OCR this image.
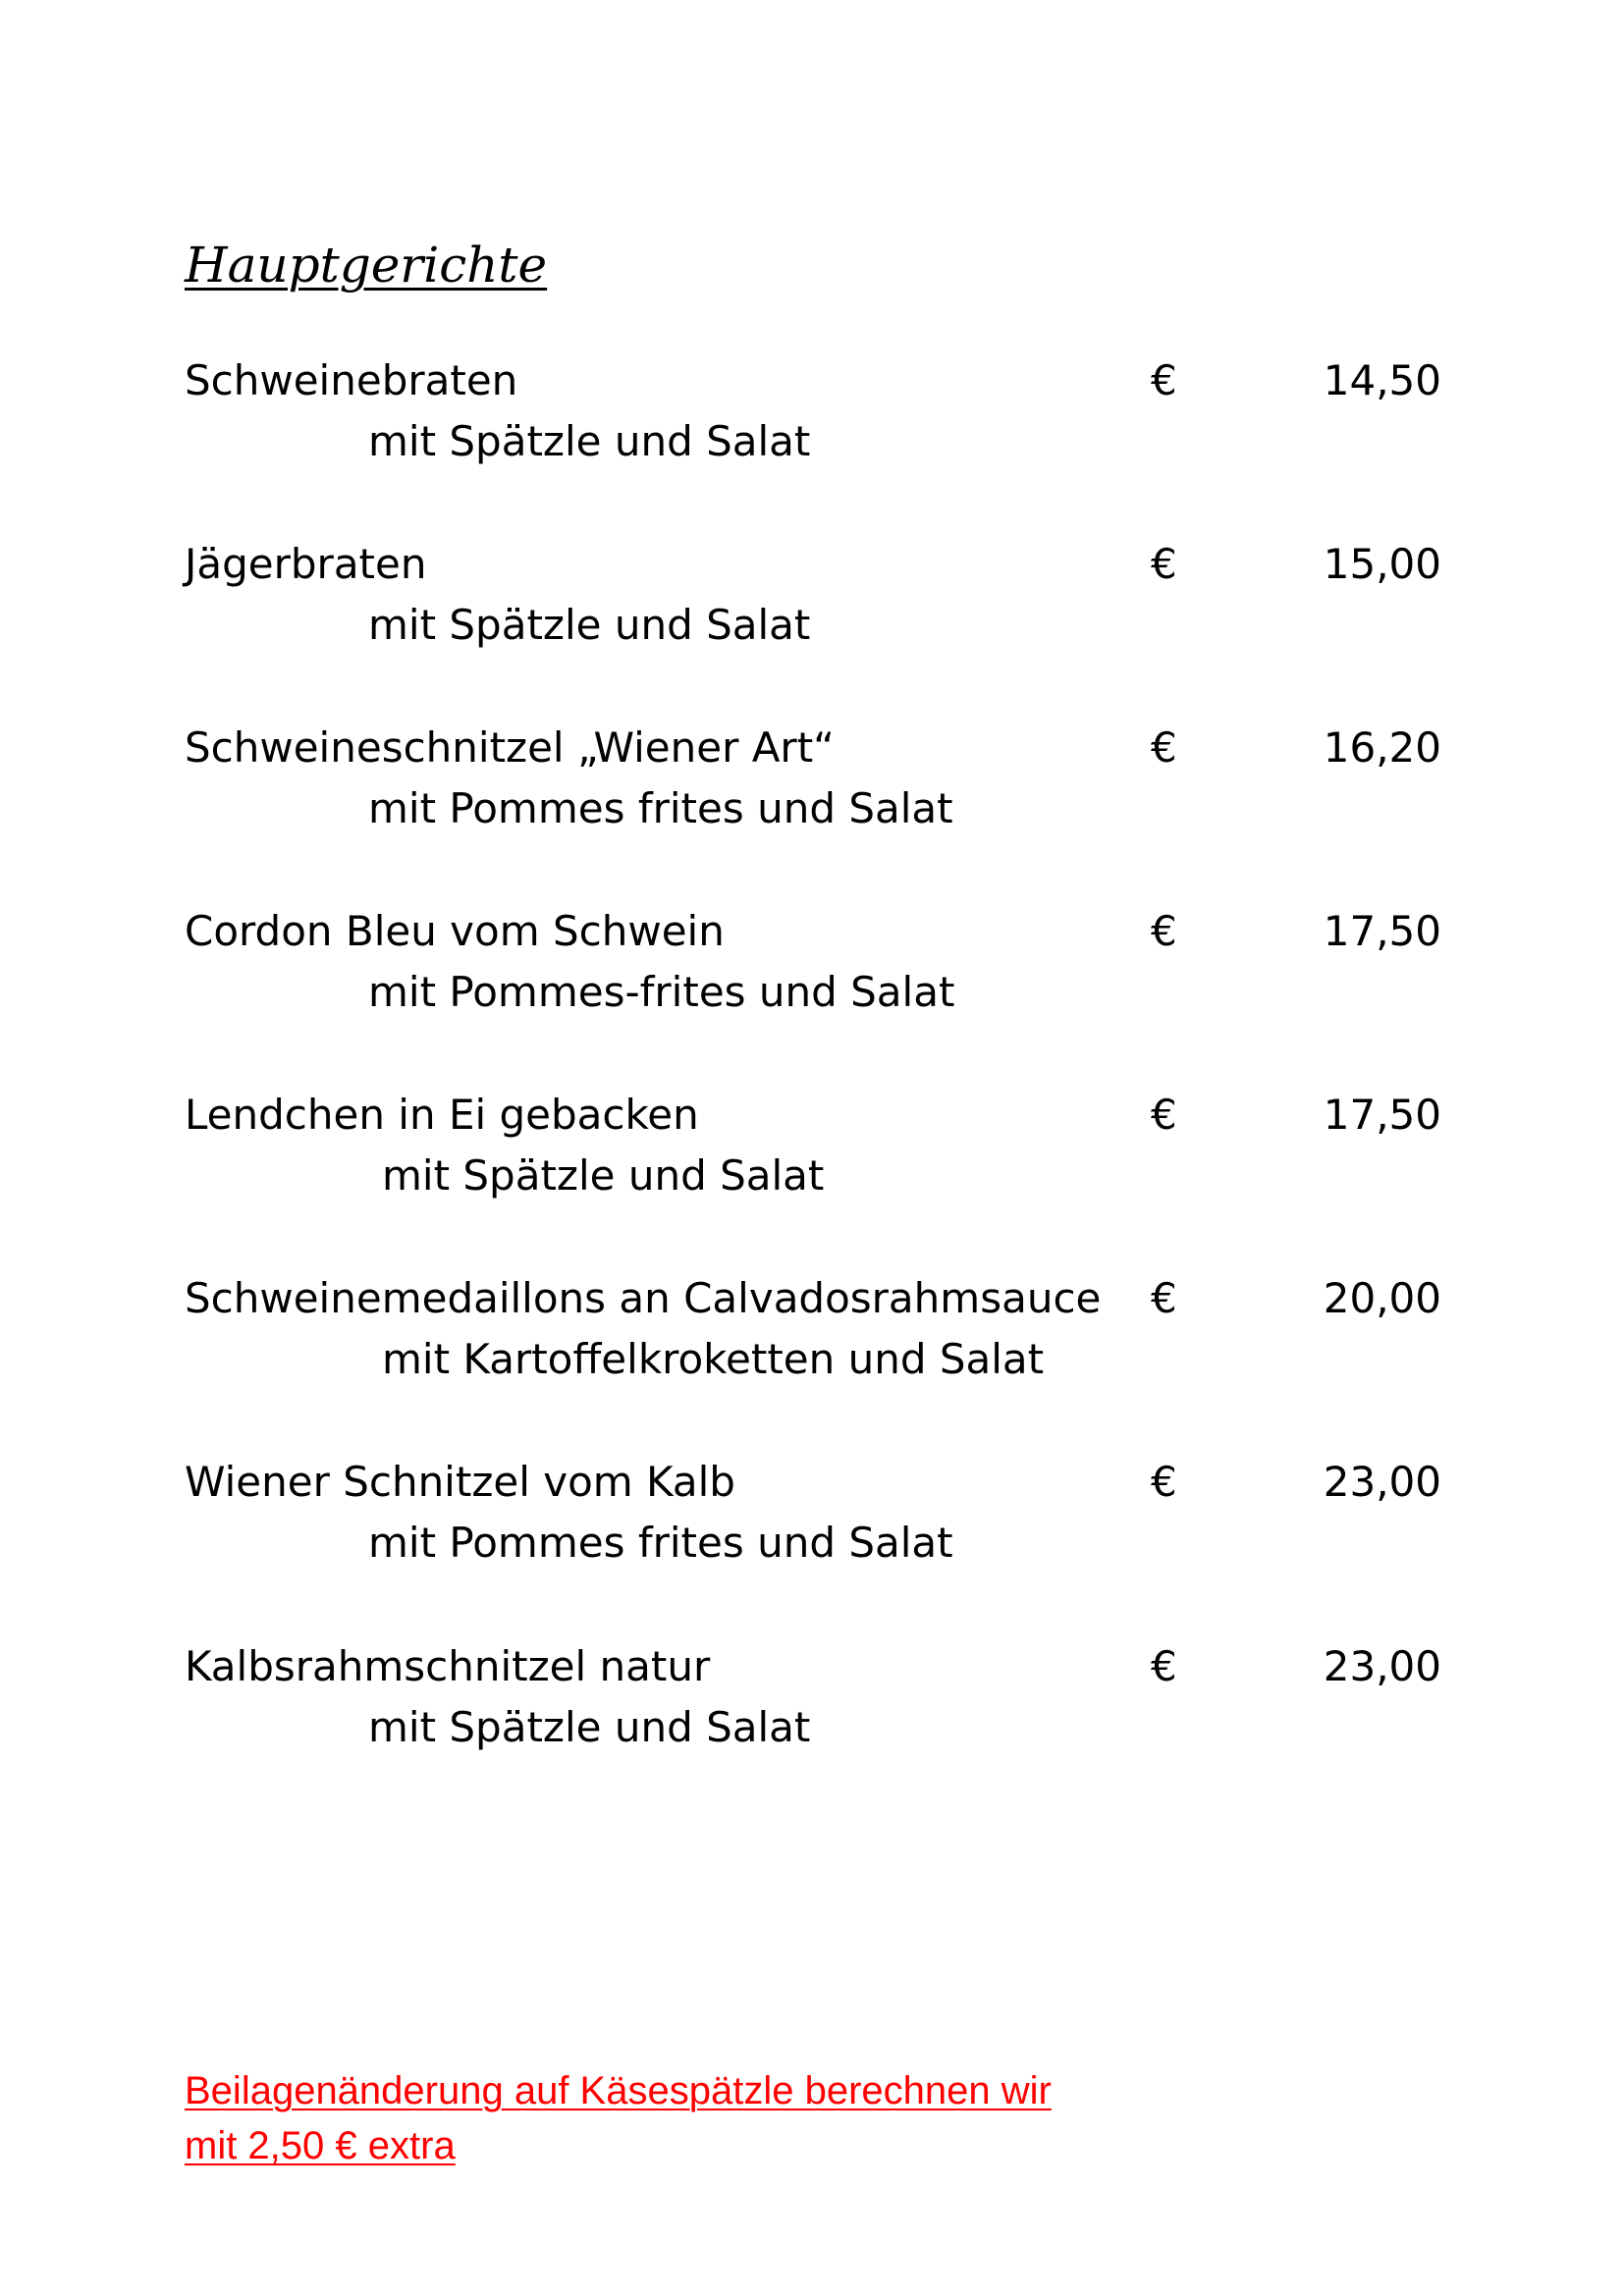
Hauptgerichte
Schweinebraten	€	14,50
mit Spätzle und Salat
Jägerbraten	€	15,00
mit Spätzle und Salat
Schweineschnitzel „Wiener Art“	€	16,20
mit Pommes frites und Salat
Cordon Bleu vom Schwein	€	17,50
mit Pommes-frites und Salat
Lendchen in Ei gebacken	€	17,50
mit Spätzle und Salat
Schweinemedaillons an Calvadosrahmsauce €	20,00
mit Kartoffelkroketten und Salat
Wiener Schnitzel vom Kalb	€	23,00
mit Pommes frites und Salat
Kalbsrahmschnitzel natur	€	23,00
mit Spätzle und Salat
Beilagenänderung auf Käsespätzle berechnen wir
mit 2,50 € extra
